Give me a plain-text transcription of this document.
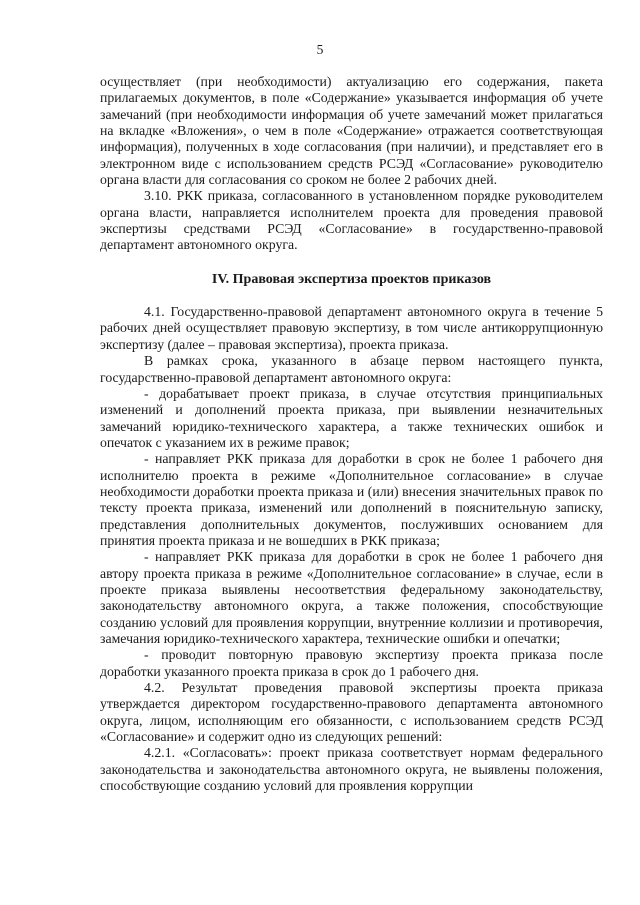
5

осуществляет (при необходимости) актуализацию его содержания, пакета прилагаемых документов, в поле «Содержание» указывается информация об учете замечаний (при необходимости информация об учете замечаний может прилагаться на вкладке «Вложения», о чем в поле «Содержание» отражается соответствующая информация), полученных в ходе согласования (при наличии), и представляет его в электронном виде с использованием средств РСЭД «Согласование» руководителю органа власти для согласования со сроком не более 2 рабочих дней.

3.10. РКК приказа, согласованного в установленном порядке руководителем органа власти, направляется исполнителем проекта для проведения правовой экспертизы средствами РСЭД «Согласование» в государственно-правовой департамент автономного округа.

IV. Правовая экспертиза проектов приказов

4.1. Государственно-правовой департамент автономного округа в течение 5 рабочих дней осуществляет правовую экспертизу, в том числе антикоррупционную экспертизу (далее – правовая экспертиза), проекта приказа.

В рамках срока, указанного в абзаце первом настоящего пункта, государственно-правовой департамент автономного округа:

- дорабатывает проект приказа, в случае отсутствия принципиальных изменений и дополнений проекта приказа, при выявлении незначительных замечаний юридико-технического характера, а также технических ошибок и опечаток с указанием их в режиме правок;

- направляет РКК приказа для доработки в срок не более 1 рабочего дня исполнителю проекта в режиме «Дополнительное согласование» в случае необходимости доработки проекта приказа и (или) внесения значительных правок по тексту проекта приказа, изменений или дополнений в пояснительную записку, представления дополнительных документов, послуживших основанием для принятия проекта приказа и не вошедших в РКК приказа;

- направляет РКК приказа для доработки в срок не более 1 рабочего дня автору проекта приказа в режиме «Дополнительное согласование» в случае, если в проекте приказа выявлены несоответствия федеральному законодательству, законодательству автономного округа, а также положения, способствующие созданию условий для проявления коррупции, внутренние коллизии и противоречия, замечания юридико-технического характера, технические ошибки и опечатки;

- проводит повторную правовую экспертизу проекта приказа после доработки указанного проекта приказа в срок до 1 рабочего дня.

4.2. Результат проведения правовой экспертизы проекта приказа утверждается директором государственно-правового департамента автономного округа, лицом, исполняющим его обязанности, с использованием средств РСЭД «Согласование» и содержит одно из следующих решений:

4.2.1. «Согласовать»: проект приказа соответствует нормам федерального законодательства и законодательства автономного округа, не выявлены положения, способствующие созданию условий для проявления коррупции
